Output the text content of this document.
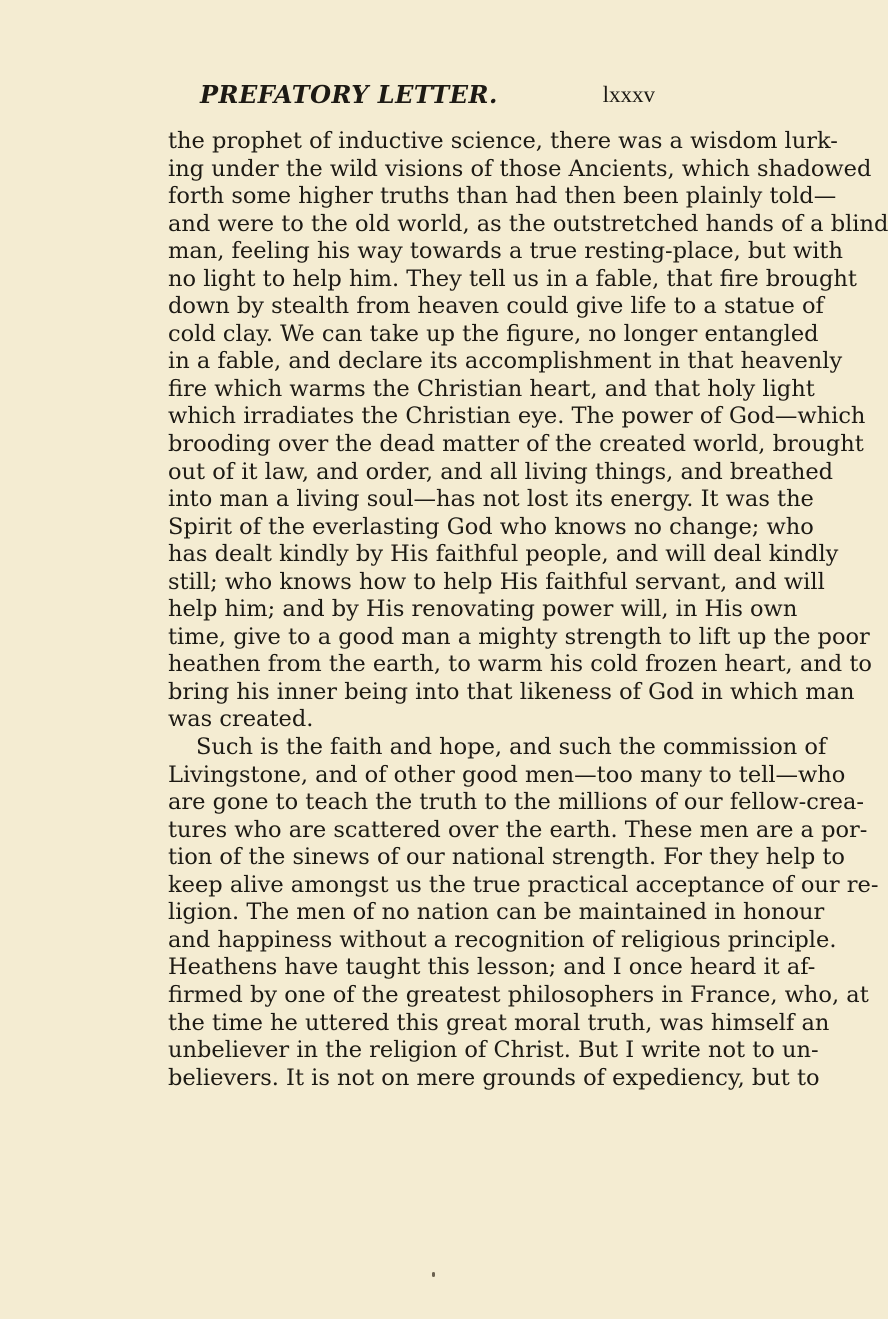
PREFATORY LETTER.	lxxxv
the prophet of inductive science, there was a wisdom lurk-
ing under the wild visions of those Ancients, which shadowed
forth some higher truths than had then been plainly told—
and were to the old world, as the outstretched hands of a blind
man, feeling his way towards a true resting-place, but with
no light to help him. They tell us in a fable, that fire brought
down by stealth from heaven could give life to a statue of
cold clay. We can take up the figure, no longer entangled
in a fable, and declare its accomplishment in that heavenly
fire which warms the Christian heart, and that holy light
which irradiates the Christian eye. The power of God—which
brooding over the dead matter of the created world, brought
out of it law, and order, and all living things, and breathed
into man a living soul—has not lost its energy. It was the
Spirit of the everlasting God who knows no change; who
has dealt kindly by His faithful people, and will deal kindly
still; who knows how to help His faithful servant, and will
help him; and by His renovating power will, in His own
time, give to a good man a mighty strength to lift up the poor
heathen from the earth, to warm his cold frozen heart, and to
bring his inner being into that likeness of God in which man
was created.
Such is the faith and hope, and such the commission of
Livingstone, and of other good men—too many to tell—who
are gone to teach the truth to the millions of our fellow-crea-
tures who are scattered over the earth. These men are a por-
tion of the sinews of our national strength. For they help to
keep alive amongst us the true practical acceptance of our re-
ligion. The men of no nation can be maintained in honour
and happiness without a recognition of religious principle.
Heathens have taught this lesson; and I once heard it af-
firmed by one of the greatest philosophers in France, who, at
the time he uttered this great moral truth, was himself an
unbeliever in the religion of Christ. But I write not to un-
believers. It is not on mere grounds of expediency, but to
